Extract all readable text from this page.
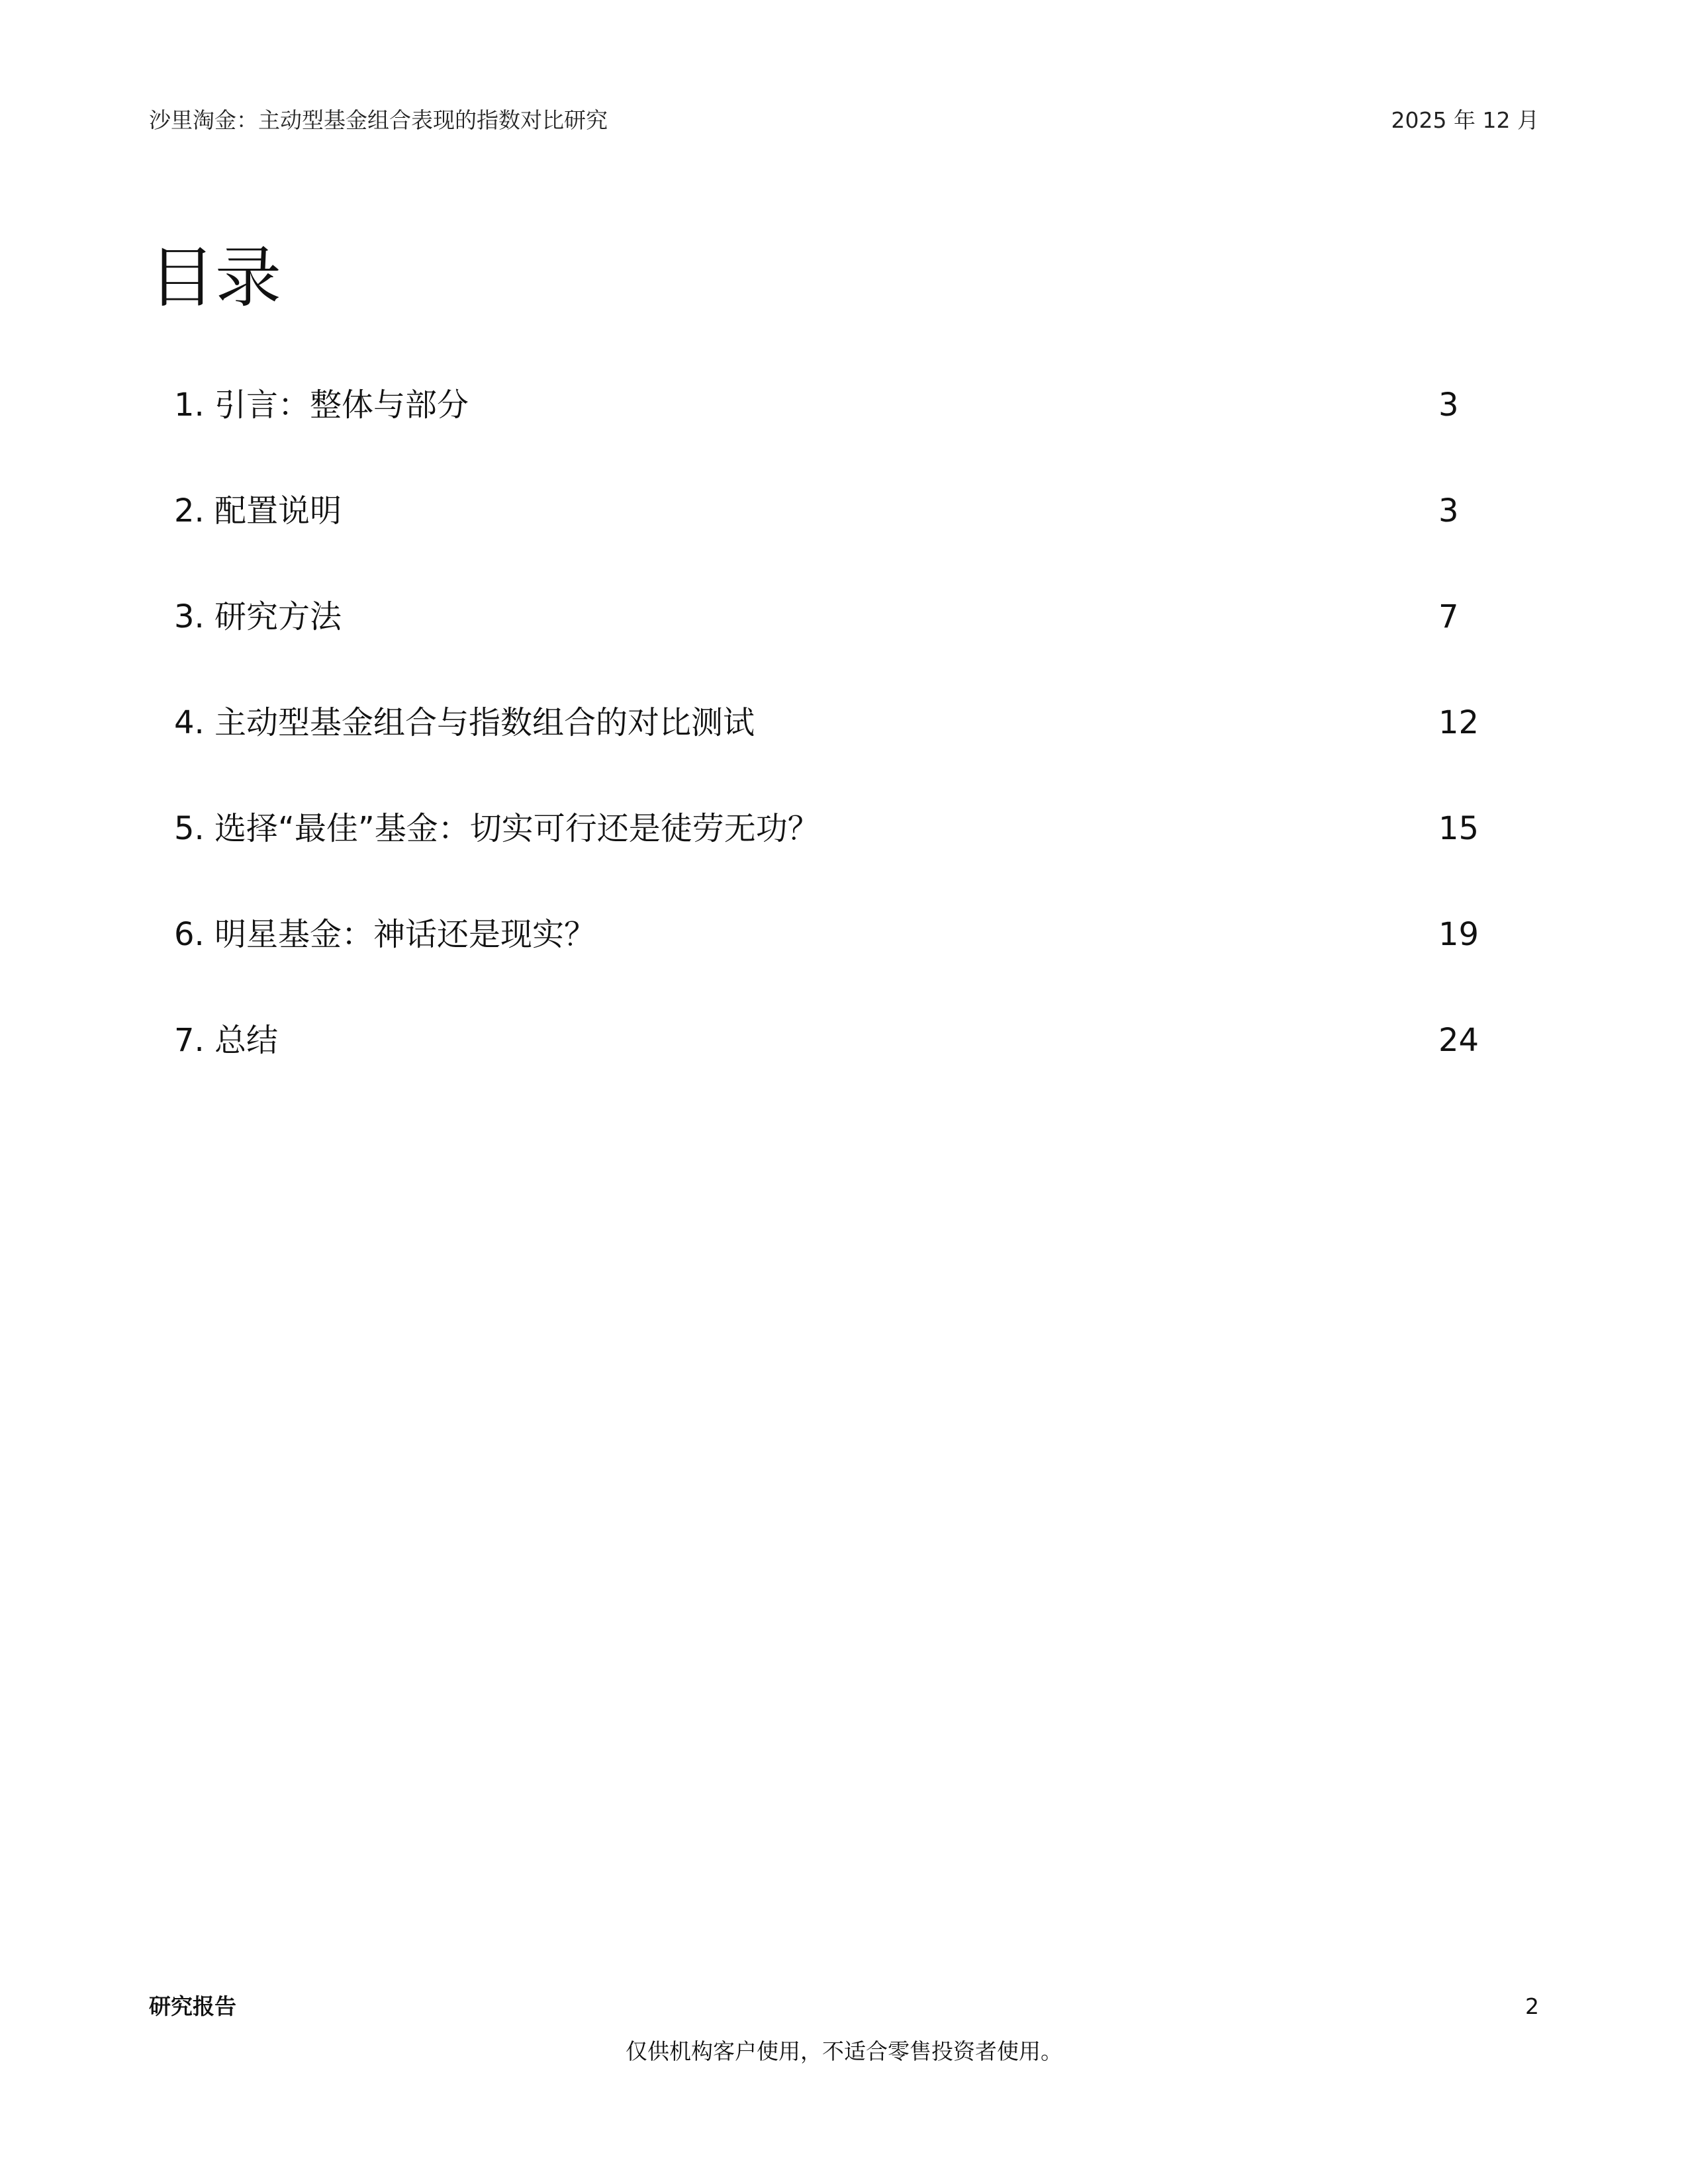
沙里淘金：主动型基金组合表现的指数对比研究	2025 年 12 月
目录
1. 引言：整体与部分	3
2. 配置说明	3
3. 研究方法	7
4. 主动型基金组合与指数组合的对比测试	12
5. 选择“最佳”基金：切实可行还是徒劳无功？	15
6. 明星基金：神话还是现实？	19
7. 总结	24
研究报告	2
仅供机构客户使用，不适合零售投资者使用。
